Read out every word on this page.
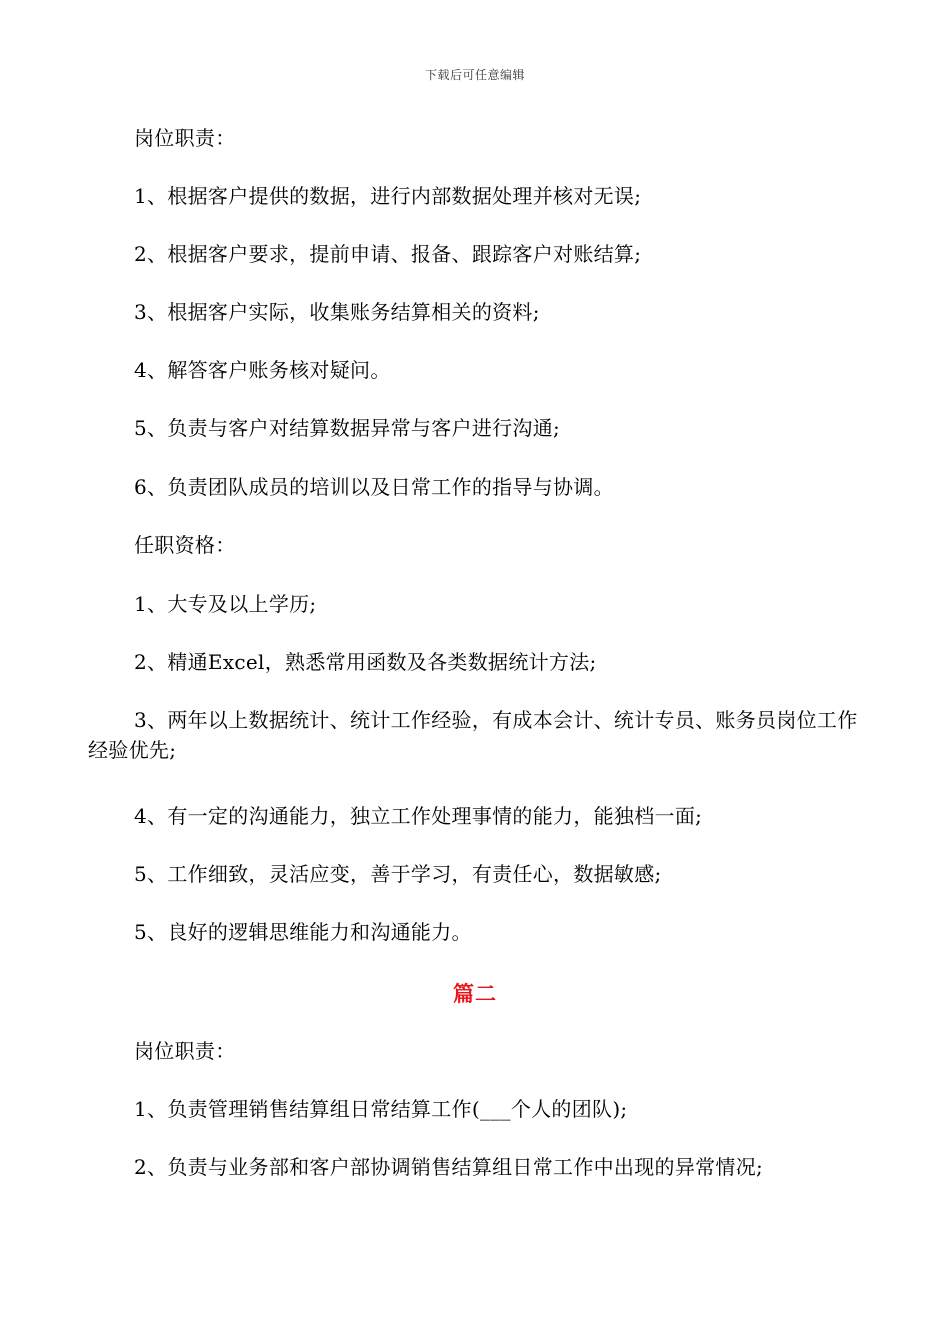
下载后可任意编辑
岗位职责：
1、根据客户提供的数据，进行内部数据处理并核对无误;
2、根据客户要求，提前申请、报备、跟踪客户对账结算;
3、根据客户实际，收集账务结算相关的资料;
4、解答客户账务核对疑问。
5、负责与客户对结算数据异常与客户进行沟通;
6、负责团队成员的培训以及日常工作的指导与协调。
任职资格：
1、大专及以上学历;
2、精通Excel，熟悉常用函数及各类数据统计方法;
3、两年以上数据统计、统计工作经验，有成本会计、统计专员、账务员岗位工作经验优先;
4、有一定的沟通能力，独立工作处理事情的能力，能独档一面;
5、工作细致，灵活应变，善于学习，有责任心，数据敏感;
5、良好的逻辑思维能力和沟通能力。
篇二
岗位职责：
1、负责管理销售结算组日常结算工作(___个人的团队);
2、负责与业务部和客户部协调销售结算组日常工作中出现的异常情况;
